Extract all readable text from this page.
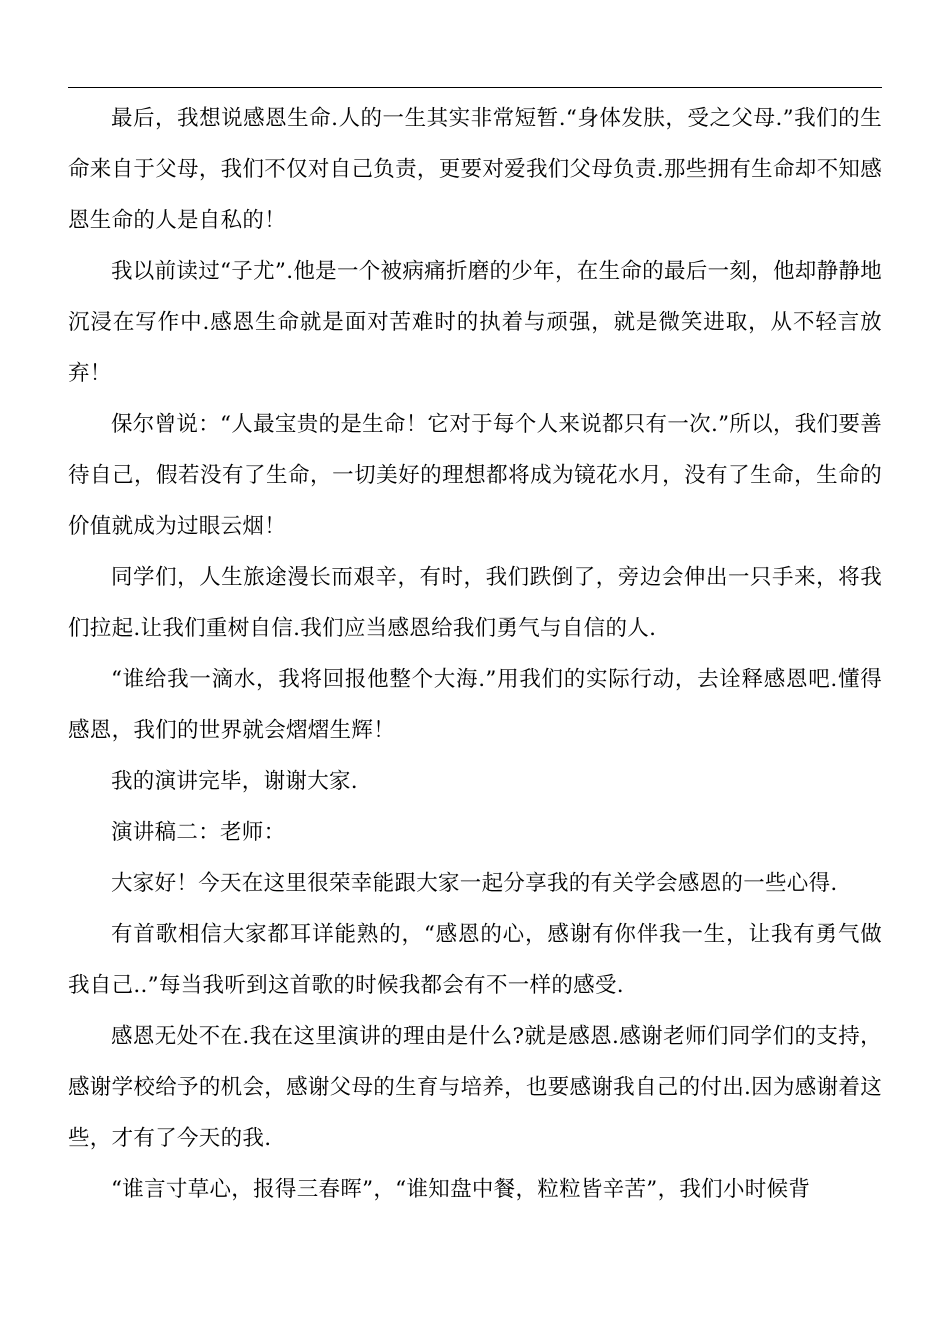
最后，我想说感恩生命.人的一生其实非常短暂.“身体发肤，受之父母.”我们的生命来自于父母，我们不仅对自己负责，更要对爱我们父母负责.那些拥有生命却不知感恩生命的人是自私的！

我以前读过“子尤”.他是一个被病痛折磨的少年，在生命的最后一刻，他却静静地沉浸在写作中.感恩生命就是面对苦难时的执着与顽强，就是微笑进取，从不轻言放弃！

保尔曾说：“人最宝贵的是生命！它对于每个人来说都只有一次.”所以，我们要善待自己，假若没有了生命，一切美好的理想都将成为镜花水月，没有了生命，生命的价值就成为过眼云烟！

同学们，人生旅途漫长而艰辛，有时，我们跌倒了，旁边会伸出一只手来，将我们拉起.让我们重树自信.我们应当感恩给我们勇气与自信的人.

“谁给我一滴水，我将回报他整个大海.”用我们的实际行动，去诠释感恩吧.懂得感恩，我们的世界就会熠熠生辉！

我的演讲完毕，谢谢大家.

演讲稿二：老师：

大家好！今天在这里很荣幸能跟大家一起分享我的有关学会感恩的一些心得.

有首歌相信大家都耳详能熟的，“感恩的心，感谢有你伴我一生，让我有勇气做我自己..”每当我听到这首歌的时候我都会有不一样的感受.

感恩无处不在.我在这里演讲的理由是什么?就是感恩.感谢老师们同学们的支持，感谢学校给予的机会，感谢父母的生育与培养，也要感谢我自己的付出.因为感谢着这些，才有了今天的我.

“谁言寸草心，报得三春晖”，“谁知盘中餐，粒粒皆辛苦”，我们小时候背
